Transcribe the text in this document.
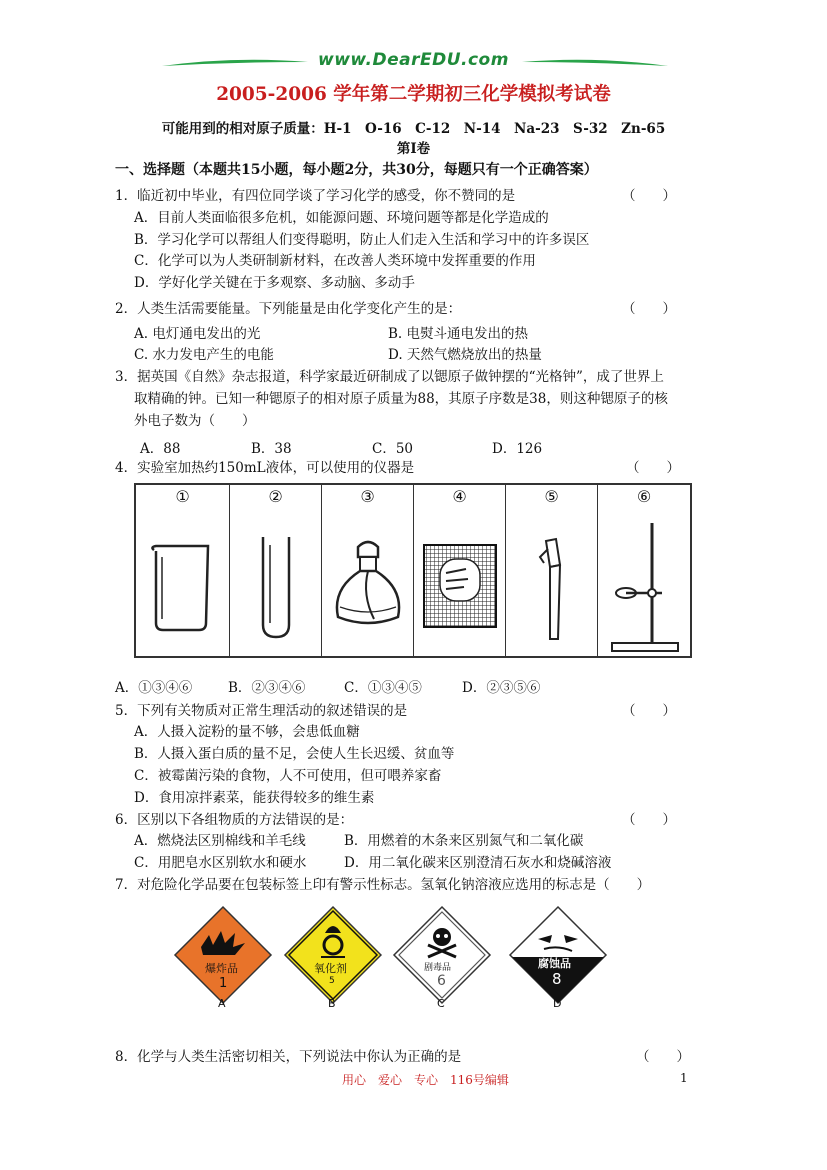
www.DearEDU.com
2005-2006 学年第二学期初三化学模拟考试卷
可能用到的相对原子质量：H-1　O-16　C-12　N-14　Na-23　S-32　Zn-65
第Ⅰ卷
一、选择题（本题共15小题，每小题2分，共30分，每题只有一个正确答案）
1．临近初中毕业，有四位同学谈了学习化学的感受，你不赞同的是	（　　）
A．目前人类面临很多危机，如能源问题、环境问题等都是化学造成的
B．学习化学可以帮组人们变得聪明，防止人们走入生活和学习中的许多误区
C．化学可以为人类研制新材料，在改善人类环境中发挥重要的作用
D．学好化学关键在于多观察、多动脑、多动手
2．人类生活需要能量。下列能量是由化学变化产生的是：	（　　）
A. 电灯通电发出的光	B. 电熨斗通电发出的热
C. 水力发电产生的电能	D. 天然气燃烧放出的热量
3．据英国《自然》杂志报道，科学家最近研制成了以锶原子做钟摆的“光格钟”，成了世界上
取精确的钟。已知一种锶原子的相对原子质量为88，其原子序数是38，则这种锶原子的核
外电子数为（　　）
A．88	B．38	C．50	D．126
4．实验室加热约150mL液体，可以使用的仪器是	（　　）
①	②	③	④	⑤	⑥
A．①③④⑥	B．②③④⑥	C．①③④⑤	D．②③⑤⑥
5．下列有关物质对正常生理活动的叙述错误的是	（　　）
A．人摄入淀粉的量不够，会患低血糖
B．人摄入蛋白质的量不足，会使人生长迟缓、贫血等
C．被霉菌污染的食物，人不可使用，但可喂养家畜
D．食用凉拌素菜，能获得较多的维生素
6．区别以下各组物质的方法错误的是：	（　　）
A．燃烧法区别棉线和羊毛线	B．用燃着的木条来区别氮气和二氧化碳
C．用肥皂水区别软水和硬水	D．用二氧化碳来区别澄清石灰水和烧碱溶液
7．对危险化学品要在包装标签上印有警示性标志。氢氧化钠溶液应选用的标志是（　　）
爆炸品
1
A
氧化剂
5
B
剧毒品
6
C
腐蚀品
8
D
8．化学与人类生活密切相关，下列说法中你认为正确的是	（　　）
用心　爱心　专心　116号编辑	1
